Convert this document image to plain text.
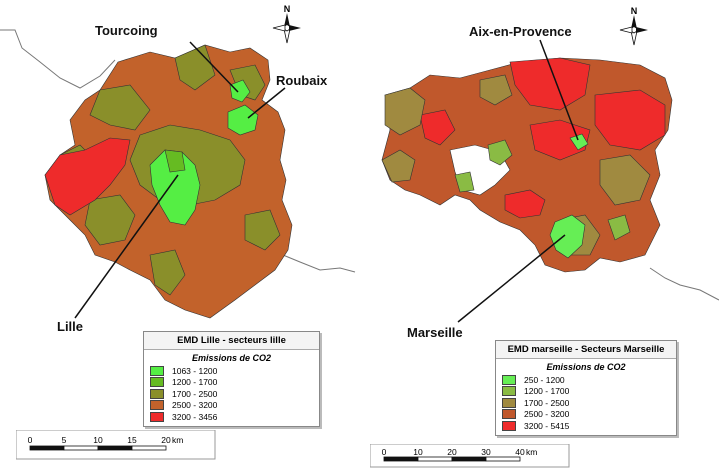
N	N
Tourcoing
Roubaix
Lille
Aix-en-Provence
Marseille
EMD Lille - secteurs lille
Emissions de CO2
1063 - 1200
1200 - 1700
1700 - 2500
2500 - 3200
3200 - 3456
EMD marseille - Secteurs Marseille
Emissions de CO2
250 - 1200
1200 - 1700
1700 - 2500
2500 - 3200
3200 - 5415
0	5	10	15	20 km
0	10	20	30	40 km
